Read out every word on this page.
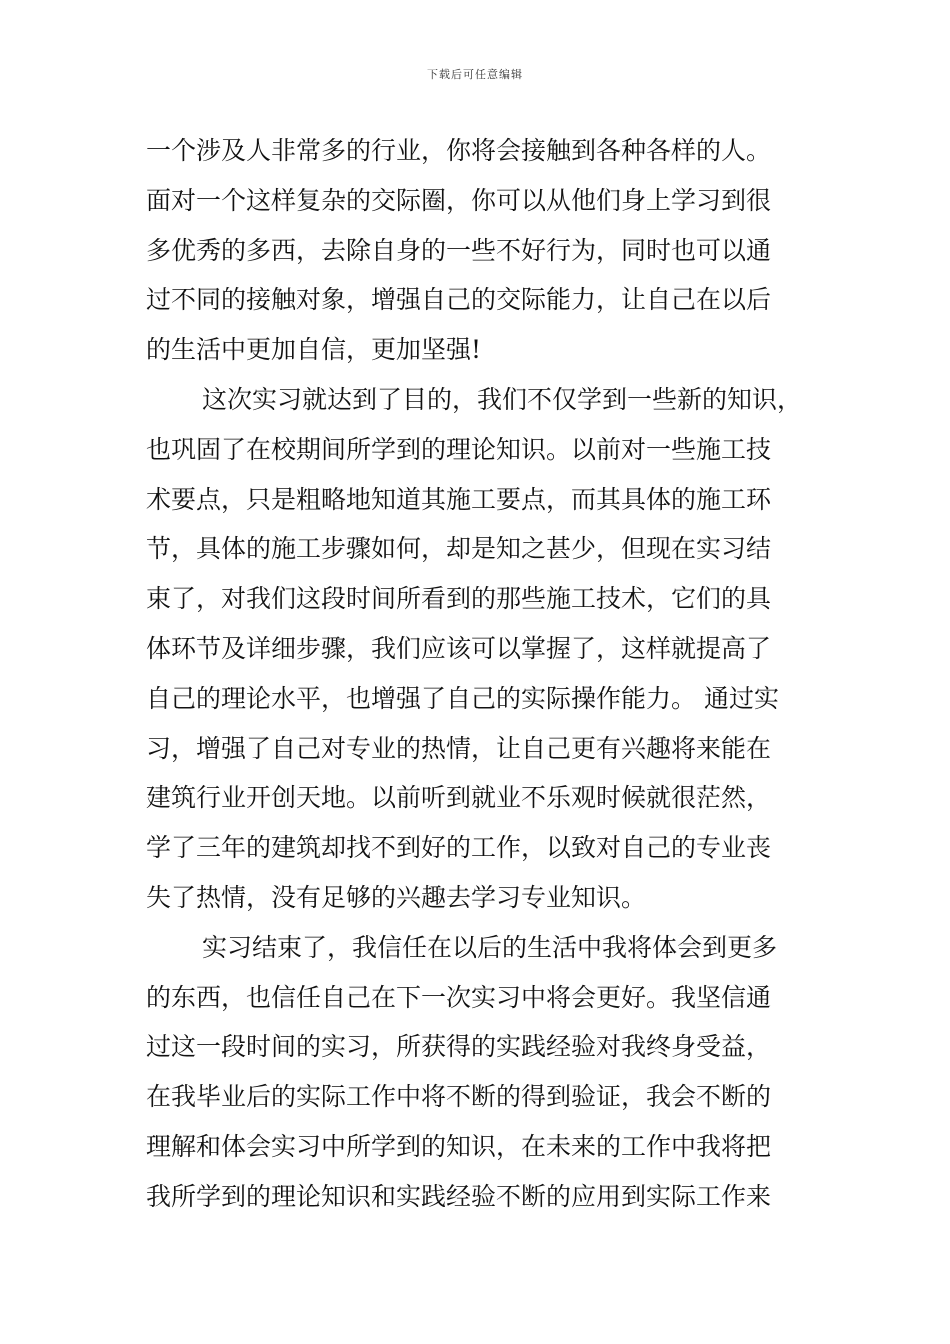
下载后可任意编辑
一个涉及人非常多的行业，你将会接触到各种各样的人。
面对一个这样复杂的交际圈，你可以从他们身上学习到很
多优秀的多西，去除自身的一些不好行为，同时也可以通
过不同的接触对象，增强自己的交际能力，让自己在以后
的生活中更加自信，更加坚强!
这次实习就达到了目的，我们不仅学到一些新的知识，
也巩固了在校期间所学到的理论知识。以前对一些施工技
术要点，只是粗略地知道其施工要点，而其具体的施工环
节，具体的施工步骤如何，却是知之甚少，但现在实习结
束了，对我们这段时间所看到的那些施工技术，它们的具
体环节及详细步骤，我们应该可以掌握了，这样就提高了
自己的理论水平，也增强了自己的实际操作能力。 通过实
习，增强了自己对专业的热情，让自己更有兴趣将来能在
建筑行业开创天地。以前听到就业不乐观时候就很茫然，
学了三年的建筑却找不到好的工作，以致对自己的专业丧
失了热情，没有足够的兴趣去学习专业知识。
实习结束了，我信任在以后的生活中我将体会到更多
的东西，也信任自己在下一次实习中将会更好。我坚信通
过这一段时间的实习，所获得的实践经验对我终身受益，
在我毕业后的实际工作中将不断的得到验证，我会不断的
理解和体会实习中所学到的知识，在未来的工作中我将把
我所学到的理论知识和实践经验不断的应用到实际工作来
